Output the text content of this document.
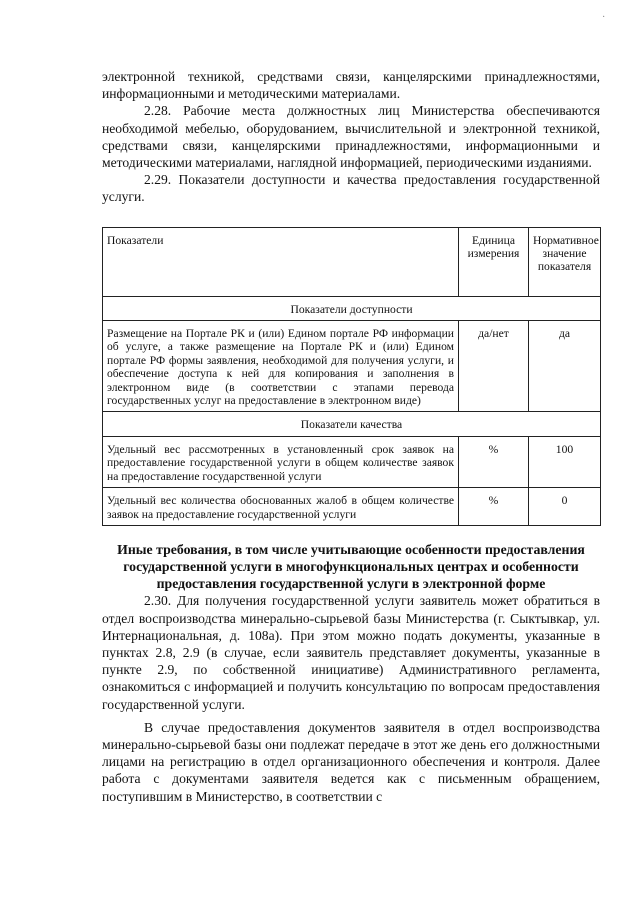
·

электронной техникой, средствами связи, канцелярскими принадлежностями, информационными и методическими материалами.

2.28. Рабочие места должностных лиц Министерства обеспечиваются необходимой мебелью, оборудованием, вычислительной и электронной техникой, средствами связи, канцелярскими принадлежностями, информационными и методическими материалами, наглядной информацией, периодическими изданиями.

2.29. Показатели доступности и качества предоставления государственной услуги.

Показатели	Единица измерения	Нормативное значение показателя
Показатели доступности		
Размещение на Портале РК и (или) Едином портале РФ информации об услуге, а также размещение на Портале РК и (или) Едином портале РФ формы заявления, необходимой для получения услуги, и обеспечение доступа к ней для копирования и заполнения в электронном виде (в соответствии с этапами перевода государственных услуг на предоставление в электронном виде)	да/нет	да
Показатели качества		
Удельный вес рассмотренных в установленный срок заявок на предоставление государственной услуги в общем количестве заявок на предоставление государственной услуги	%	100
Удельный вес количества обоснованных жалоб в общем количестве заявок на предоставление государственной услуги	%	0
Иные требования, в том числе учитывающие особенности предоставления государственной услуги в многофункциональных центрах и особенности предоставления государственной услуги в электронной форме

2.30. Для получения государственной услуги заявитель может обратиться в отдел воспроизводства минерально-сырьевой базы Министерства (г. Сыктывкар, ул. Интернациональная, д. 108а). При этом можно подать документы, указанные в пунктах 2.8, 2.9 (в случае, если заявитель представляет документы, указанные в пункте 2.9, по собственной инициативе) Административного регламента, ознакомиться с информацией и получить консультацию по вопросам предоставления государственной услуги.

В случае предоставления документов заявителя в отдел воспроизводства минерально-сырьевой базы они подлежат передаче в этот же день его должностными лицами на регистрацию в отдел организационного обеспечения и контроля. Далее работа с документами заявителя ведется как с письменным обращением, поступившим в Министерство, в соответствии с
